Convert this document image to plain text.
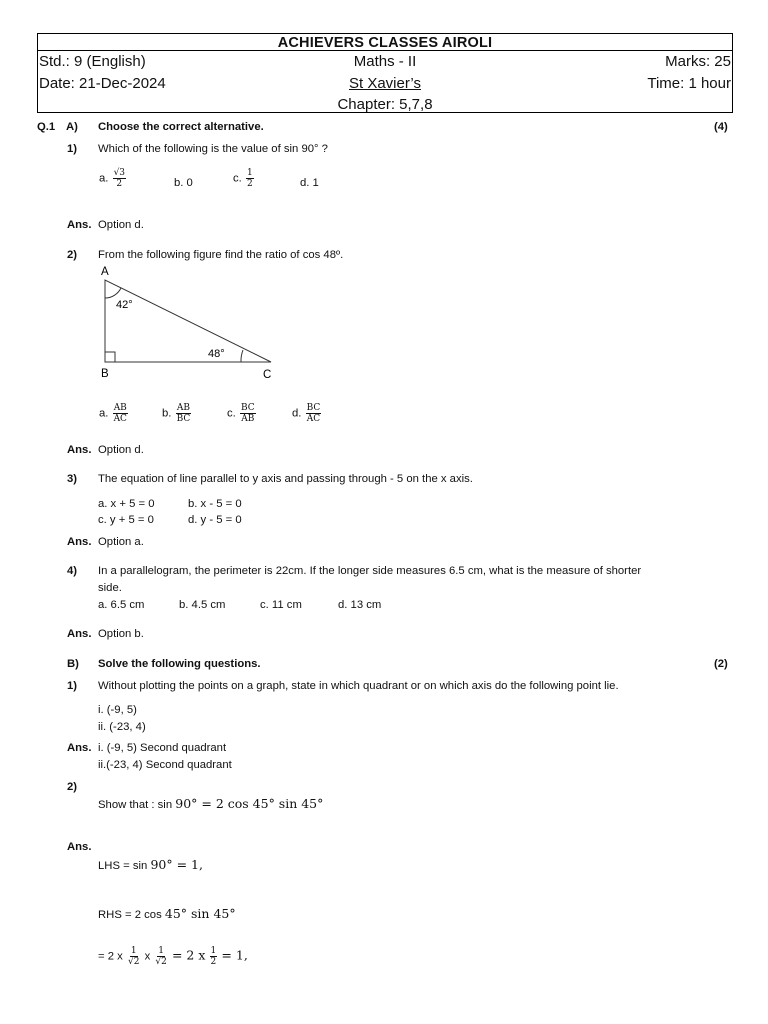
ACHIEVERS CLASSES AIROLI
Std.: 9 (English)	Maths - II	Marks: 25
Date: 21-Dec-2024	St Xavier’s	Time: 1 hour
Chapter: 5,7,8
Q.1 A) Choose the correct alternative.	(4)
1) Which of the following is the value of sin 90° ?
a. $\frac{√3}{2}$	b. 0	c. $\frac{1}{2}$	d. 1
Ans. Option d.
2) From the following figure find the ratio of cos 48º.
A
B	C
42°
48°
a. $\frac{AB}{AC}$	b. $\frac{AB}{BC}$	c. $\frac{BC}{AB}$	d. $\frac{BC}{AC}$
Ans. Option d.
3) The equation of line parallel to y axis and passing through - 5 on the x axis.
a. x + 5 = 0	b. x - 5 = 0
c. y + 5 = 0	d. y - 5 = 0
Ans. Option a.
4) In a parallelogram, the perimeter is 22cm. If the longer side measures 6.5 cm, what is the measure of shorter
side.
a. 6.5 cm	b. 4.5 cm	c. 11 cm	d. 13 cm
Ans. Option b.
B) Solve the following questions.	(2)
1) Without plotting the points on a graph, state in which quadrant or on which axis do the following point lie.
i. (-9, 5)
ii. (-23, 4)
Ans. i. (-9, 5) Second quadrant
ii.(-23, 4) Second quadrant
2)
Show that : sin 90° = 2 cos 45° sin 45°
Ans.
LHS = sin 90° = 1,
RHS = 2 cos 45° sin 45°
= 2 x $\frac{1}{√2}$ x $\frac{1}{√2} = 2$ x $\frac{1}{2} = 1$,
